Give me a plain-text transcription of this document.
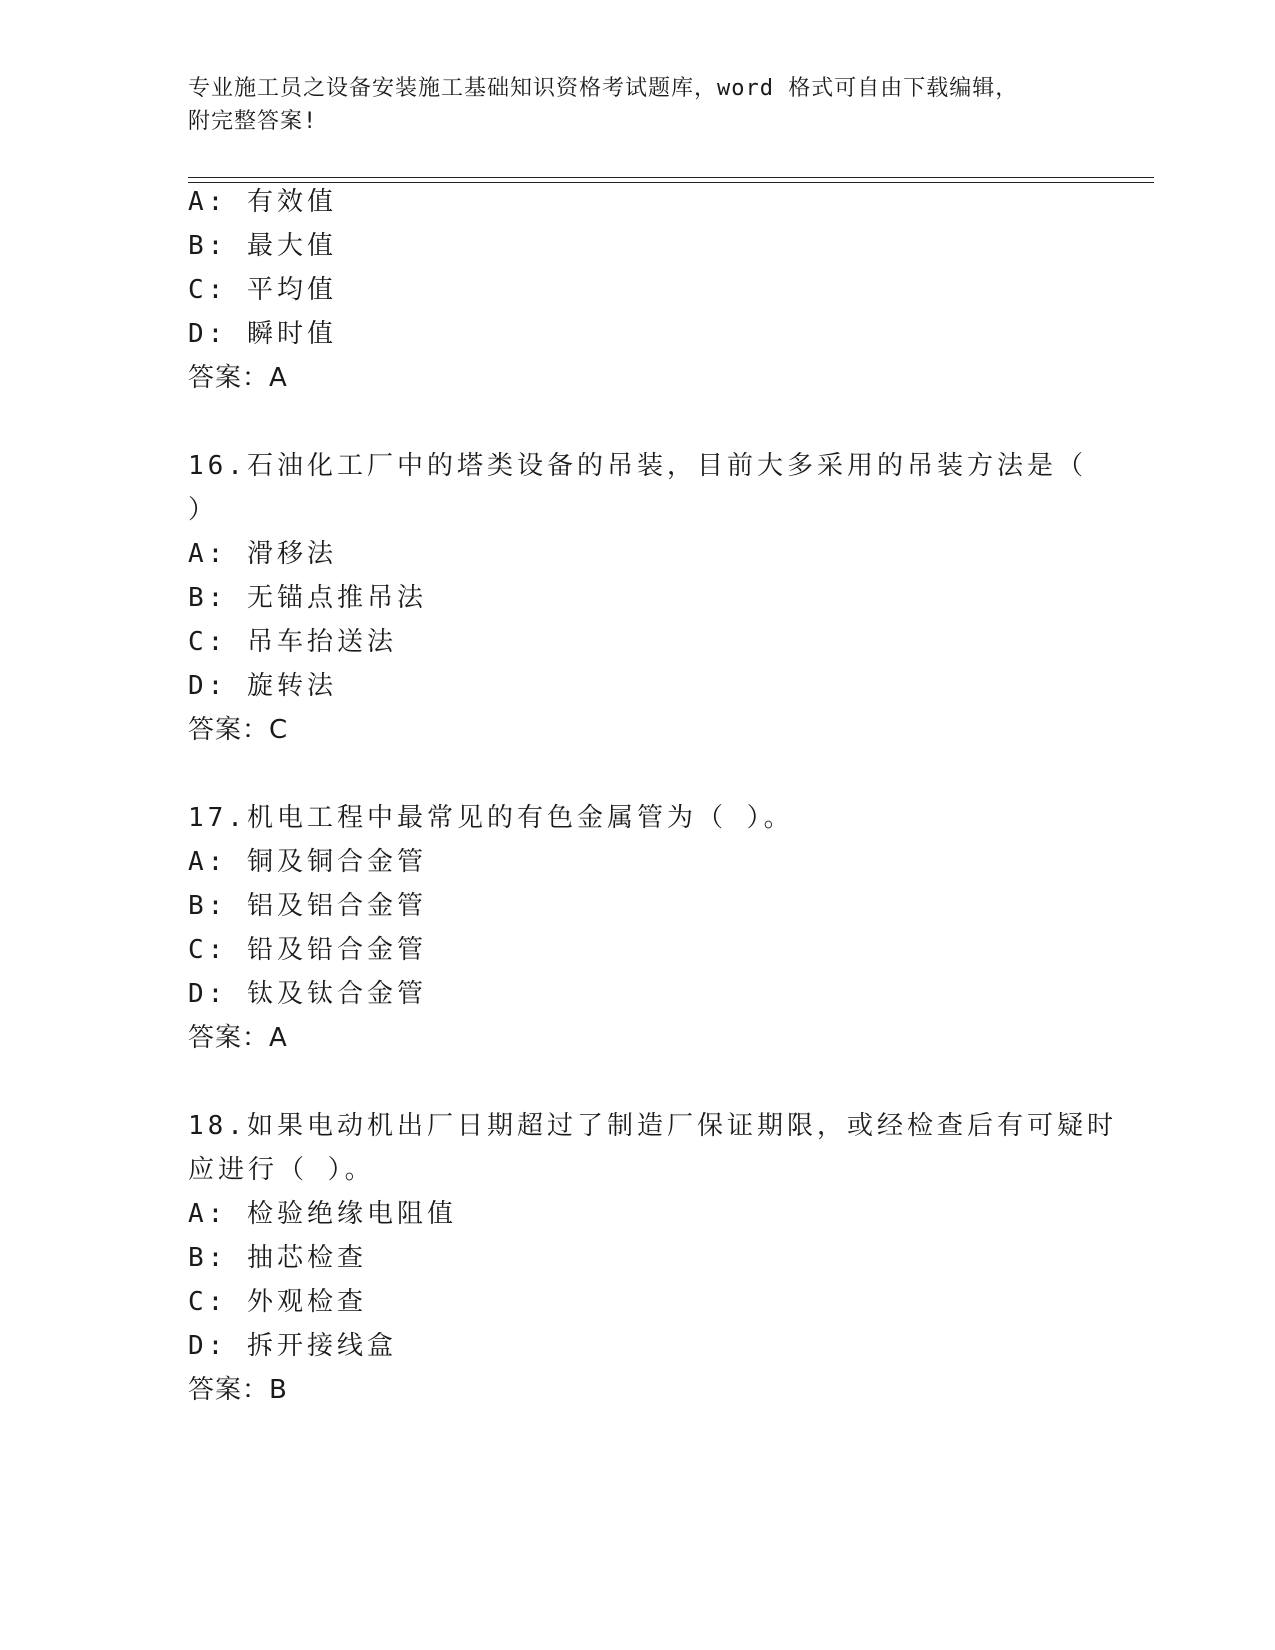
专业施工员之设备安装施工基础知识资格考试题库，word 格式可自由下载编辑，
附完整答案!
A: 有效值
B: 最大值
C: 平均值
D: 瞬时值
答案：A
16.石油化工厂中的塔类设备的吊装，目前大多采用的吊装方法是（
）
A: 滑移法
B: 无锚点推吊法
C: 吊车抬送法
D: 旋转法
答案：C
17.机电工程中最常见的有色金属管为（ ）。
A: 铜及铜合金管
B: 铝及铝合金管
C: 铅及铅合金管
D: 钛及钛合金管
答案：A
18.如果电动机出厂日期超过了制造厂保证期限，或经检查后有可疑时
应进行（ ）。
A: 检验绝缘电阻值
B: 抽芯检查
C: 外观检查
D: 拆开接线盒
答案：B
